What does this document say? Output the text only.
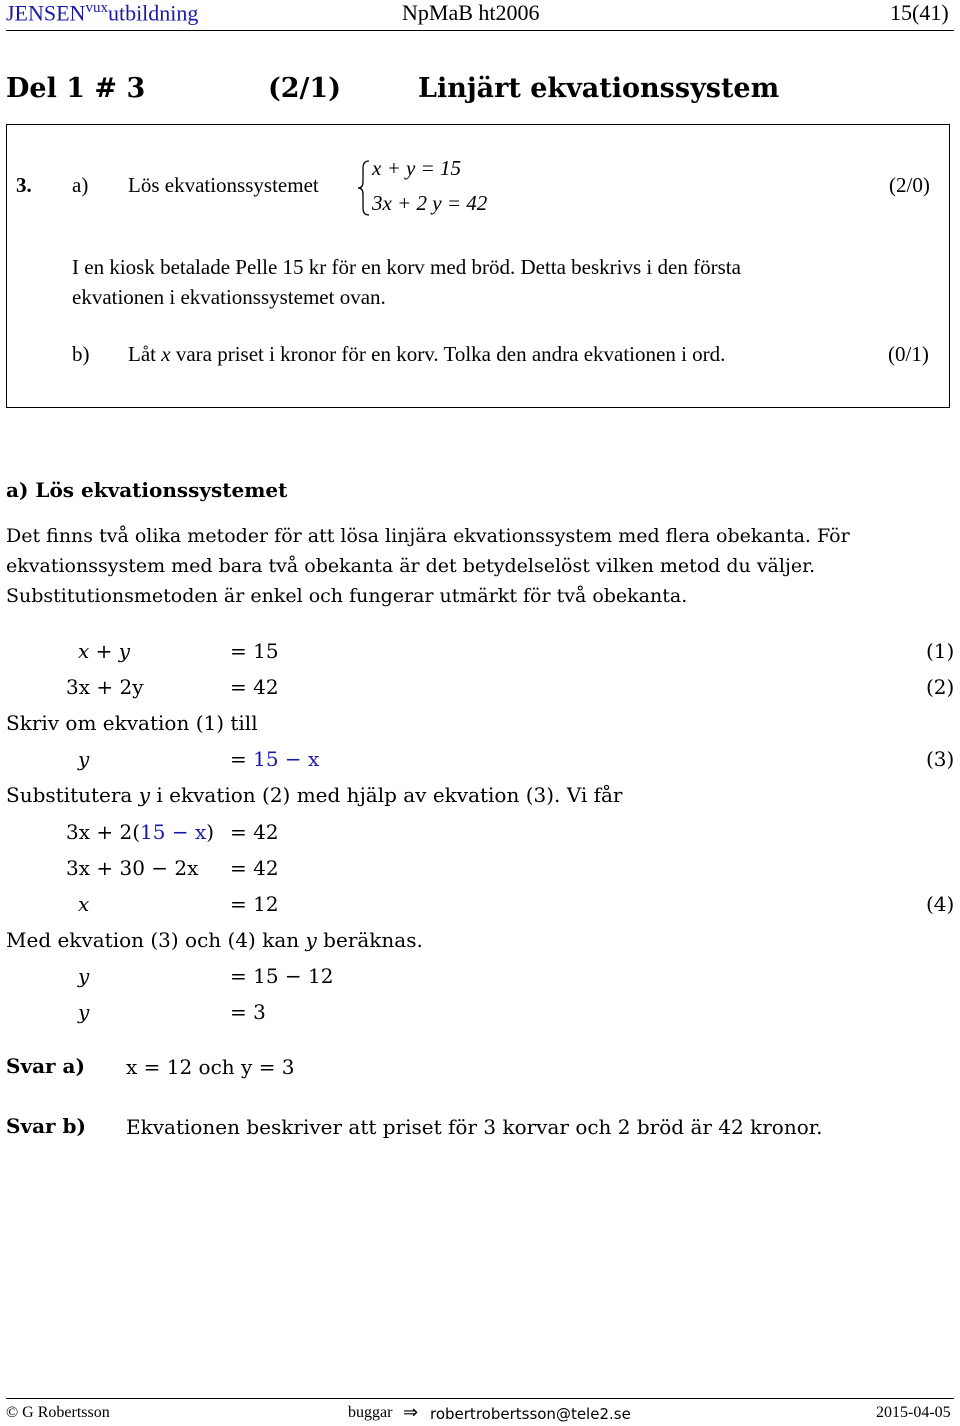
$JENSEN^{vux}utbildning$	NpMaB ht2006	15(41)
Del 1 # 3	(2/1)	Linjärt ekvationssystem
3. a) Lös ekvationssystemet
x + y = 15
3x + 2 y = 42
(2/0)
I en kiosk betalade Pelle 15 kr för en korv med bröd. Detta beskrivs i den första
ekvationen i ekvationssystemet ovan.
b) Låt x vara priset i kronor för en korv. Tolka den andra ekvationen i ord.	(0/1)
a) Lös ekvationssystemet
Det finns två olika metoder för att lösa linjära ekvationssystem med flera obekanta. För
ekvationssystem med bara två obekanta är det betydelselöst vilken metod du väljer.
Substitutionsmetoden är enkel och fungerar utmärkt för två obekanta.
x + y	= 15	(1)
3x + 2y	= 42	(2)
Skriv om ekvation (1) till
y	= 15 − x	(3)
Substitutera y i ekvation (2) med hjälp av ekvation (3). Vi får
3x + 2(15 − x) = 42
3x + 30 − 2x = 42
x	= 12	(4)
Med ekvation (3) och (4) kan y beräknas.
y	= 15 − 12
y	= 3
Svar a) x = 12 och y = 3
Svar b) Ekvationen beskriver att priset för 3 korvar och 2 bröd är 42 kronor.
© G Robertsson	buggar ⇒ robertrobertsson@tele2.se	2015-04-05
